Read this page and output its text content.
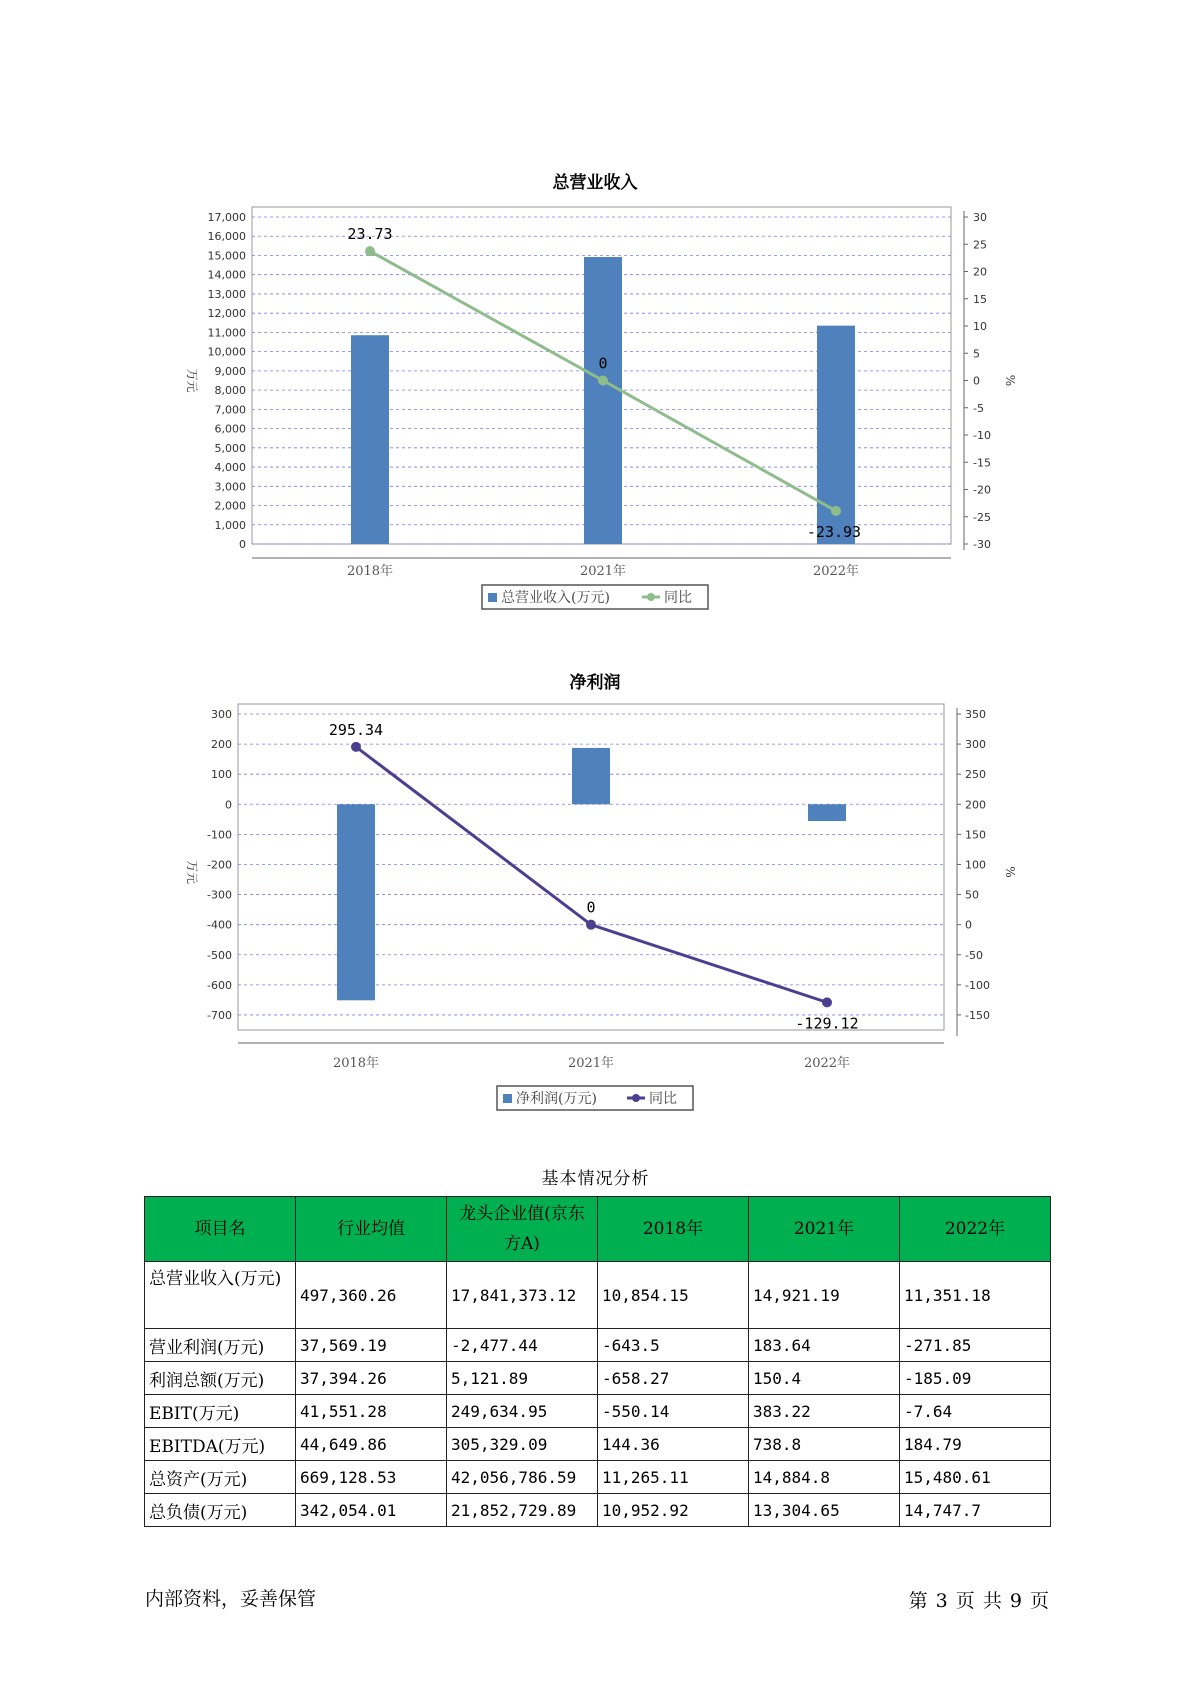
总营业收入
17,000
16,000
15,000
14,000
13,000
12,000
11,000
10,000
9,000
8,000
7,000
6,000
5,000
4,000
3,000
2,000
1,000
0
30
25
20
15
10
5
0
-5
-10
-15
-20
-25
-30
万元	%
23.73
0
-23.93
2018年	2021年	2022年
总营业收入(万元)	同比
净利润
300
200
100
0
-100
-200
-300
-400
-500
-600
-700
350
300
250
200
150
100
50
0
-50
-100
-150
万元	%
295.34
0
-129.12
2018年	2021年	2022年
净利润(万元)	同比
基本情况分析
项目名	行业均值	龙头企业值(京东方A)	2018年	2021年	2022年
总营业收入(万元)	497,360.26	17,841,373.12	10,854.15	14,921.19	11,351.18
营业利润(万元)	37,569.19	-2,477.44	-643.5	183.64	-271.85
利润总额(万元)	37,394.26	5,121.89	-658.27	150.4	-185.09
EBIT(万元)	41,551.28	249,634.95	-550.14	383.22	-7.64
EBITDA(万元)	44,649.86	305,329.09	144.36	738.8	184.79
总资产(万元)	669,128.53	42,056,786.59	11,265.11	14,884.8	15,480.61
总负债(万元)	342,054.01	21,852,729.89	10,952.92	13,304.65	14,747.7
内部资料，妥善保管	第 3 页 共 9 页
